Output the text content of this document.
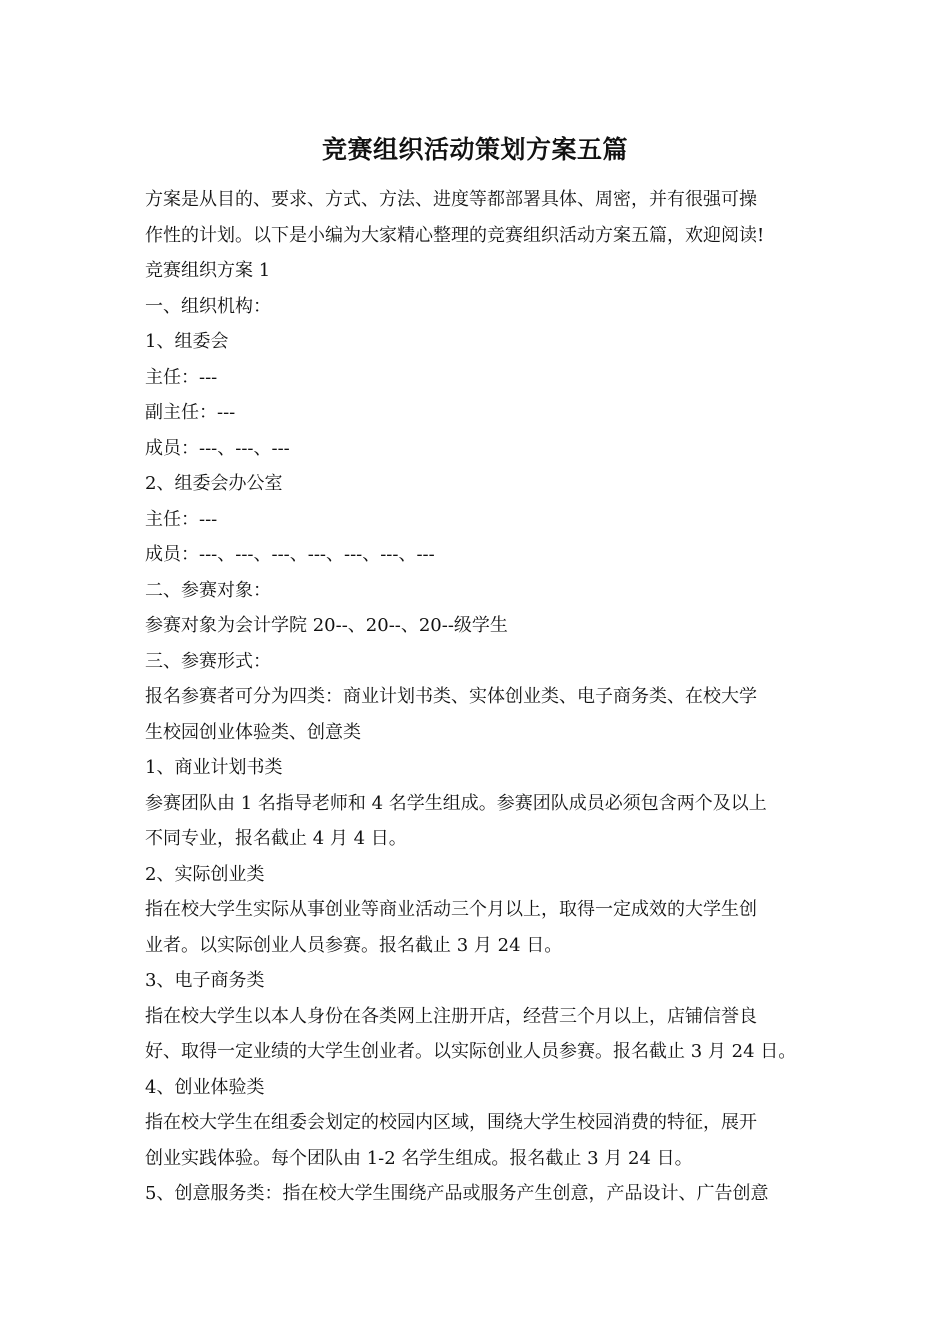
竞赛组织活动策划方案五篇
方案是从目的、要求、方式、方法、进度等都部署具体、周密，并有很强可操
作性的计划。以下是小编为大家精心整理的竞赛组织活动方案五篇，欢迎阅读!
竞赛组织方案 1
一、组织机构：
1、组委会
主任：---
副主任：---
成员：---、---、---
2、组委会办公室
主任：---
成员：---、---、---、---、---、---、---
二、参赛对象：
参赛对象为会计学院 20--、20--、20--级学生
三、参赛形式：
报名参赛者可分为四类：商业计划书类、实体创业类、电子商务类、在校大学
生校园创业体验类、创意类
1、商业计划书类
参赛团队由 1 名指导老师和 4 名学生组成。参赛团队成员必须包含两个及以上
不同专业，报名截止 4 月 4 日。
2、实际创业类
指在校大学生实际从事创业等商业活动三个月以上，取得一定成效的大学生创
业者。以实际创业人员参赛。报名截止 3 月 24 日。
3、电子商务类
指在校大学生以本人身份在各类网上注册开店，经营三个月以上，店铺信誉良
好、取得一定业绩的大学生创业者。以实际创业人员参赛。报名截止 3 月 24 日。
4、创业体验类
指在校大学生在组委会划定的校园内区域，围绕大学生校园消费的特征，展开
创业实践体验。每个团队由 1-2 名学生组成。报名截止 3 月 24 日。
5、创意服务类：指在校大学生围绕产品或服务产生创意，产品设计、广告创意
